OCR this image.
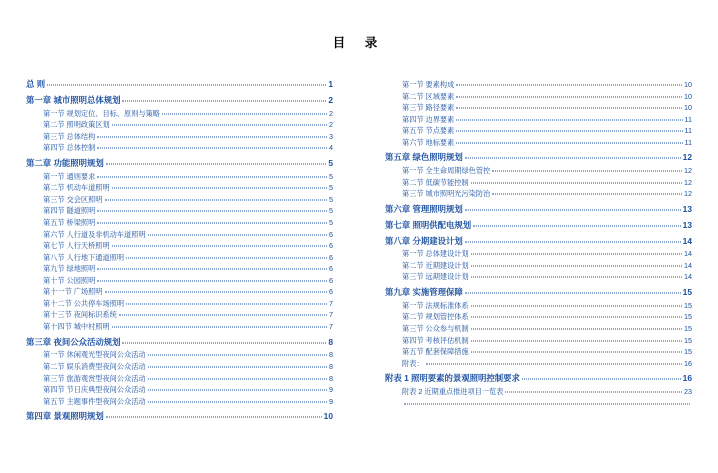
目 录
总 则	1
第一章 城市照明总体规划	2
第一节 规划定位、目标、原则与策略	2
第二节 照明政策区划	2
第三节 总体结构	3
第四节 总体控制	4
第二章 功能照明规划	5
第一节 通则要求	5
第二节 机动车道照明	5
第三节 交会区照明	5
第四节 隧道照明	5
第五节 桥梁照明	5
第六节 人行道及非机动车道照明	6
第七节 人行天桥照明	6
第八节 人行地下通道照明	6
第九节 绿地照明	6
第十节 公园照明	6
第十一节 广场照明	6
第十二节 公共停车场照明	7
第十三节 夜间标识系统	7
第十四节 城中村照明	7
第三章 夜间公众活动规划	8
第一节 休闲观光型夜间公众活动	8
第二节 娱乐消费型夜间公众活动	8
第三节 旅游观赏型夜间公众活动	8
第四节 节日庆典型夜间公众活动	9
第五节 主题事件型夜间公众活动	9
第四章 景观照明规划	10
第一节 要素构成	10
第二节 区域要素	10
第三节 路径要素	10
第四节 边界要素	11
第五节 节点要素	11
第六节 地标要素	11
第五章 绿色照明规划	12
第一节 全生命周期绿色管控	12
第二节 低碳节能控制	12
第三节 城市照明光污染防治	12
第六章 管理照明规划	13
第七章 照明供配电规划	13
第八章 分期建设计划	14
第一节 总体建设计划	14
第二节 近期建设计划	14
第三节 远期建设计划	14
第九章 实施管理保障	15
第一节 法规标准体系	15
第二节 规划管控体系	15
第三节 公众参与机制	15
第四节 考核评估机制	15
第五节 配套保障措施	15
附表：	16
附表 1 照明要素的景观照明控制要求	16
附表 2 近期重点推进项目一览表	23
